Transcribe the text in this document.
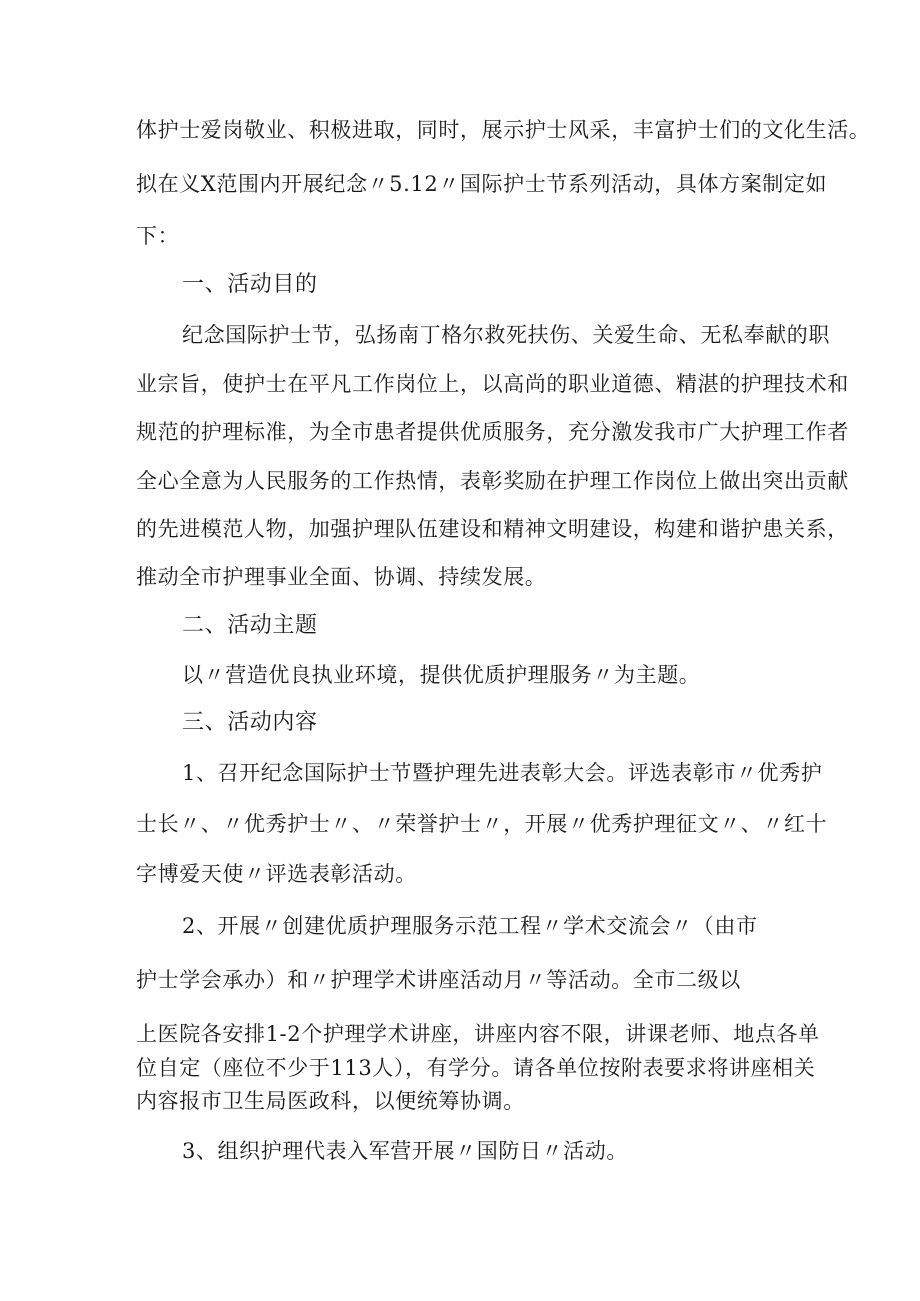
体护士爱岗敬业、积极进取，同时，展示护士风采，丰富护士们的文化生活。
拟在义X范围内开展纪念〃5.12〃国际护士节系列活动，具体方案制定如
下：
一、活动目的
纪念国际护士节，弘扬南丁格尔救死扶伤、关爱生命、无私奉献的职
业宗旨，使护士在平凡工作岗位上，以高尚的职业道德、精湛的护理技术和
规范的护理标准，为全市患者提供优质服务，充分激发我市广大护理工作者
全心全意为人民服务的工作热情，表彰奖励在护理工作岗位上做出突出贡献
的先进模范人物，加强护理队伍建设和精神文明建设，构建和谐护患关系，
推动全市护理事业全面、协调、持续发展。
二、活动主题
以〃营造优良执业环境，提供优质护理服务〃为主题。
三、活动内容
1、召开纪念国际护士节暨护理先进表彰大会。评选表彰市〃优秀护
士长〃、〃优秀护士〃、〃荣誉护士〃，开展〃优秀护理征文〃、〃红十
字博爱天使〃评选表彰活动。
2、开展〃创建优质护理服务示范工程〃学术交流会〃（由市
护士学会承办）和〃护理学术讲座活动月〃等活动。全市二级以
上医院各安排1-2个护理学术讲座，讲座内容不限，讲课老师、地点各单
位自定（座位不少于113人），有学分。请各单位按附表要求将讲座相关
内容报市卫生局医政科，以便统筹协调。
3、组织护理代表入军营开展〃国防日〃活动。
